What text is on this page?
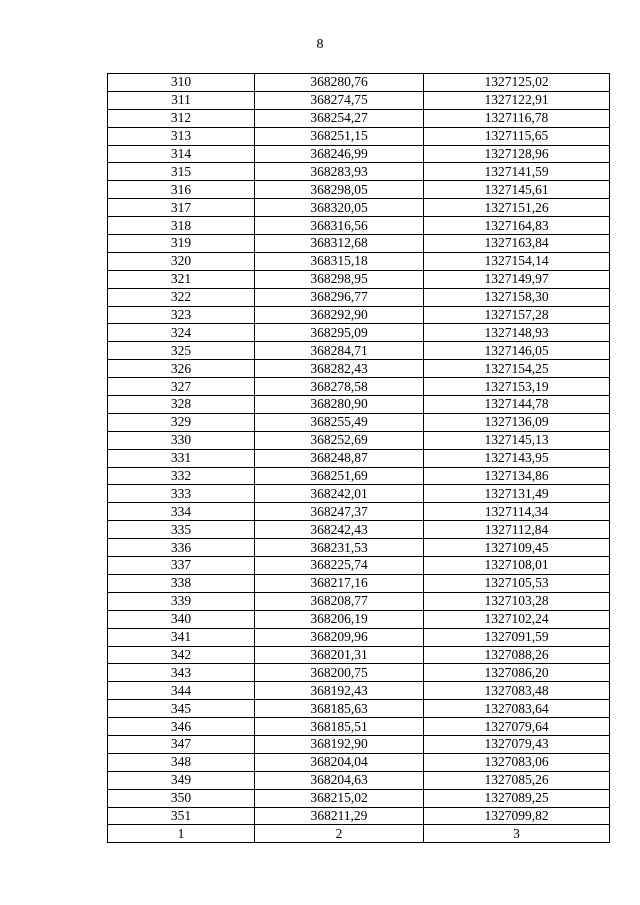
8
310	368280,76	1327125,02
311	368274,75	1327122,91
312	368254,27	1327116,78
313	368251,15	1327115,65
314	368246,99	1327128,96
315	368283,93	1327141,59
316	368298,05	1327145,61
317	368320,05	1327151,26
318	368316,56	1327164,83
319	368312,68	1327163,84
320	368315,18	1327154,14
321	368298,95	1327149,97
322	368296,77	1327158,30
323	368292,90	1327157,28
324	368295,09	1327148,93
325	368284,71	1327146,05
326	368282,43	1327154,25
327	368278,58	1327153,19
328	368280,90	1327144,78
329	368255,49	1327136,09
330	368252,69	1327145,13
331	368248,87	1327143,95
332	368251,69	1327134,86
333	368242,01	1327131,49
334	368247,37	1327114,34
335	368242,43	1327112,84
336	368231,53	1327109,45
337	368225,74	1327108,01
338	368217,16	1327105,53
339	368208,77	1327103,28
340	368206,19	1327102,24
341	368209,96	1327091,59
342	368201,31	1327088,26
343	368200,75	1327086,20
344	368192,43	1327083,48
345	368185,63	1327083,64
346	368185,51	1327079,64
347	368192,90	1327079,43
348	368204,04	1327083,06
349	368204,63	1327085,26
350	368215,02	1327089,25
351	368211,29	1327099,82
1	2	3
